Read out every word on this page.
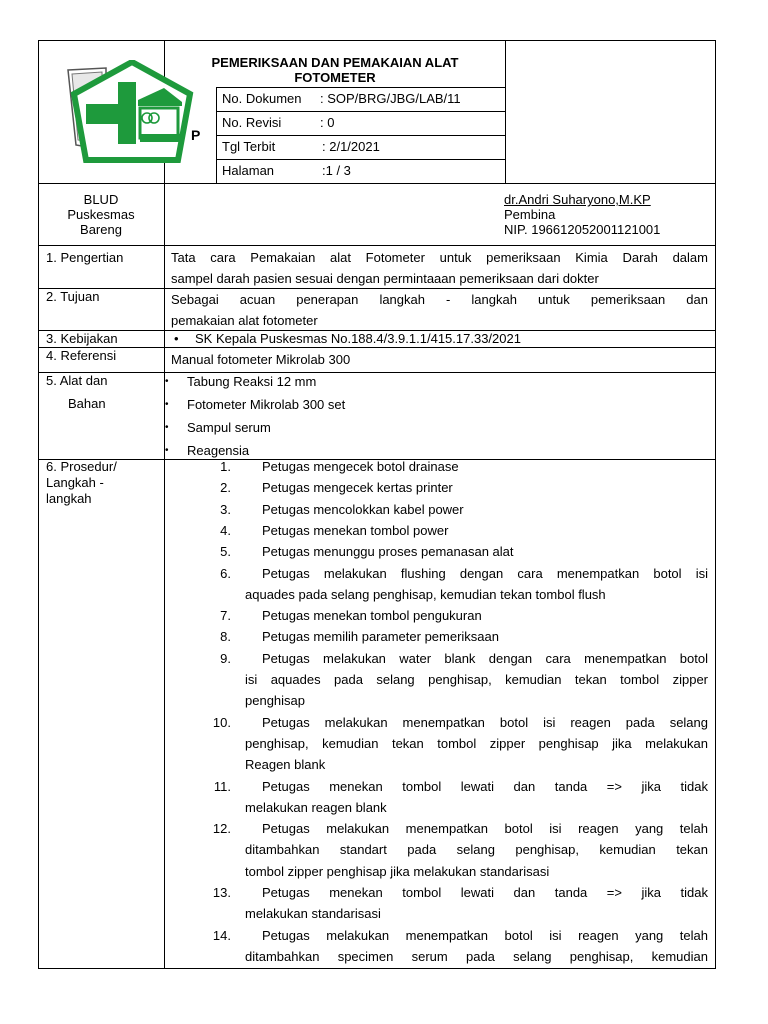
P
PEMERIKSAAN DAN PEMAKAIAN ALAT
FOTOMETER
No. Dokumen : SOP/BRG/JBG/LAB/11
No. Revisi	: 0
Tgl Terbit	: 2/1/2021
Halaman	:1 / 3
BLUD
Puskesmas
Bareng
dr.Andri Suharyono,M.KP
Pembina
NIP. 196612052001121001
1. Pengertian	Tata cara Pemakaian alat Fotometer untuk pemeriksaan Kimia Darah dalam
sampel darah pasien sesuai dengan permintaaan pemeriksaan dari dokter
2. Tujuan	Sebagai acuan penerapan langkah - langkah untuk pemeriksaan dan
pemakaian alat fotometer
3. Kebijakan	• SK Kepala Puskesmas No.188.4/3.9.1.1/415.17.33/2021
4. Referensi	Manual fotometer Mikrolab 300
5. Alat dan
Bahan
• Tabung Reaksi 12 mm
• Fotometer Mikrolab 300 set
• Sampul serum
• Reagensia
6. Prosedur/
Langkah -
langkah
1. Petugas mengecek botol drainase
2. Petugas mengecek kertas printer
3. Petugas mencolokkan kabel power
4. Petugas menekan tombol power
5. Petugas menunggu proses pemanasan alat
6. Petugas melakukan flushing dengan cara menempatkan botol isi
aquades pada selang penghisap, kemudian tekan tombol flush
7. Petugas menekan tombol pengukuran
8. Petugas memilih parameter pemeriksaan
9. Petugas melakukan water blank dengan cara menempatkan botol
isi aquades pada selang penghisap, kemudian tekan tombol zipper
penghisap
10. Petugas melakukan menempatkan botol isi reagen pada selang
penghisap, kemudian tekan tombol zipper penghisap jika melakukan
Reagen blank
11. Petugas menekan tombol lewati dan tanda => jika tidak
melakukan reagen blank
12. Petugas melakukan menempatkan botol isi reagen yang telah
ditambahkan standart pada selang penghisap, kemudian tekan
tombol zipper penghisap jika melakukan standarisasi
13. Petugas menekan tombol lewati dan tanda => jika tidak
melakukan standarisasi
14. Petugas melakukan menempatkan botol isi reagen yang telah
ditambahkan specimen serum pada selang penghisap, kemudian
